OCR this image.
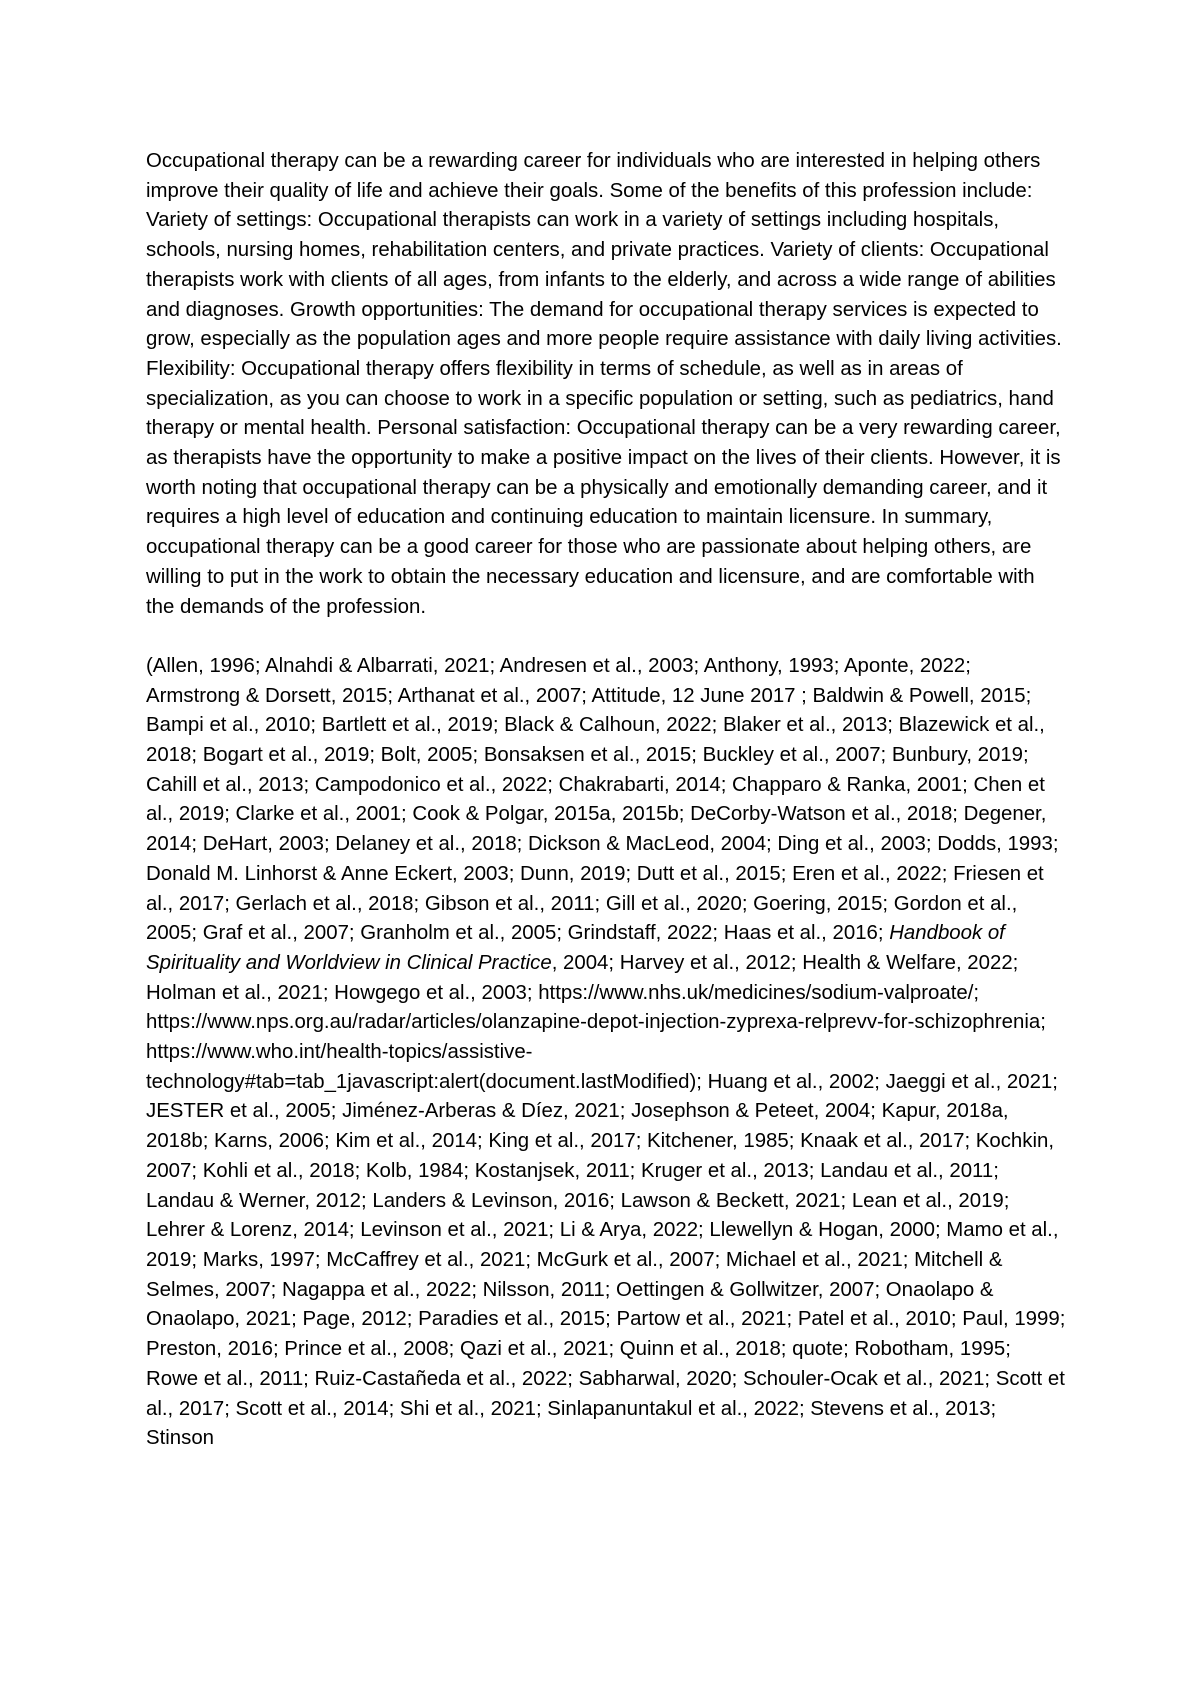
Occupational therapy can be a rewarding career for individuals who are interested in helping others improve their quality of life and achieve their goals. Some of the benefits of this profession include: Variety of settings: Occupational therapists can work in a variety of settings including hospitals, schools, nursing homes, rehabilitation centers, and private practices. Variety of clients: Occupational therapists work with clients of all ages, from infants to the elderly, and across a wide range of abilities and diagnoses. Growth opportunities: The demand for occupational therapy services is expected to grow, especially as the population ages and more people require assistance with daily living activities. Flexibility: Occupational therapy offers flexibility in terms of schedule, as well as in areas of specialization, as you can choose to work in a specific population or setting, such as pediatrics, hand therapy or mental health. Personal satisfaction: Occupational therapy can be a very rewarding career, as therapists have the opportunity to make a positive impact on the lives of their clients. However, it is worth noting that occupational therapy can be a physically and emotionally demanding career, and it requires a high level of education and continuing education to maintain licensure. In summary, occupational therapy can be a good career for those who are passionate about helping others, are willing to put in the work to obtain the necessary education and licensure, and are comfortable with the demands of the profession.

(Allen, 1996; Alnahdi & Albarrati, 2021; Andresen et al., 2003; Anthony, 1993; Aponte, 2022; Armstrong & Dorsett, 2015; Arthanat et al., 2007; Attitude, 12 June 2017 ; Baldwin & Powell, 2015; Bampi et al., 2010; Bartlett et al., 2019; Black & Calhoun, 2022; Blaker et al., 2013; Blazewick et al., 2018; Bogart et al., 2019; Bolt, 2005; Bonsaksen et al., 2015; Buckley et al., 2007; Bunbury, 2019; Cahill et al., 2013; Campodonico et al., 2022; Chakrabarti, 2014; Chapparo & Ranka, 2001; Chen et al., 2019; Clarke et al., 2001; Cook & Polgar, 2015a, 2015b; DeCorby-Watson et al., 2018; Degener, 2014; DeHart, 2003; Delaney et al., 2018; Dickson & MacLeod, 2004; Ding et al., 2003; Dodds, 1993; Donald M. Linhorst & Anne Eckert, 2003; Dunn, 2019; Dutt et al., 2015; Eren et al., 2022; Friesen et al., 2017; Gerlach et al., 2018; Gibson et al., 2011; Gill et al., 2020; Goering, 2015; Gordon et al., 2005; Graf et al., 2007; Granholm et al., 2005; Grindstaff, 2022; Haas et al., 2016; Handbook of Spirituality and Worldview in Clinical Practice, 2004; Harvey et al., 2012; Health & Welfare, 2022; Holman et al., 2021; Howgego et al., 2003; https://www.nhs.uk/medicines/sodium-valproate/; https://www.nps.org.au/radar/articles/olanzapine-depot-injection-zyprexa-relprevv-for-schizophrenia; https://www.who.int/health-topics/assistive-technology#tab=tab_1javascript:alert(document.lastModified); Huang et al., 2002; Jaeggi et al., 2021; JESTER et al., 2005; Jiménez-Arberas & Díez, 2021; Josephson & Peteet, 2004; Kapur, 2018a, 2018b; Karns, 2006; Kim et al., 2014; King et al., 2017; Kitchener, 1985; Knaak et al., 2017; Kochkin, 2007; Kohli et al., 2018; Kolb, 1984; Kostanjsek, 2011; Kruger et al., 2013; Landau et al., 2011; Landau & Werner, 2012; Landers & Levinson, 2016; Lawson & Beckett, 2021; Lean et al., 2019; Lehrer & Lorenz, 2014; Levinson et al., 2021; Li & Arya, 2022; Llewellyn & Hogan, 2000; Mamo et al., 2019; Marks, 1997; McCaffrey et al., 2021; McGurk et al., 2007; Michael et al., 2021; Mitchell & Selmes, 2007; Nagappa et al., 2022; Nilsson, 2011; Oettingen & Gollwitzer, 2007; Onaolapo & Onaolapo, 2021; Page, 2012; Paradies et al., 2015; Partow et al., 2021; Patel et al., 2010; Paul, 1999; Preston, 2016; Prince et al., 2008; Qazi et al., 2021; Quinn et al., 2018; quote; Robotham, 1995; Rowe et al., 2011; Ruiz-Castañeda et al., 2022; Sabharwal, 2020; Schouler-Ocak et al., 2021; Scott et al., 2017; Scott et al., 2014; Shi et al., 2021; Sinlapanuntakul et al., 2022; Stevens et al., 2013; Stinson
